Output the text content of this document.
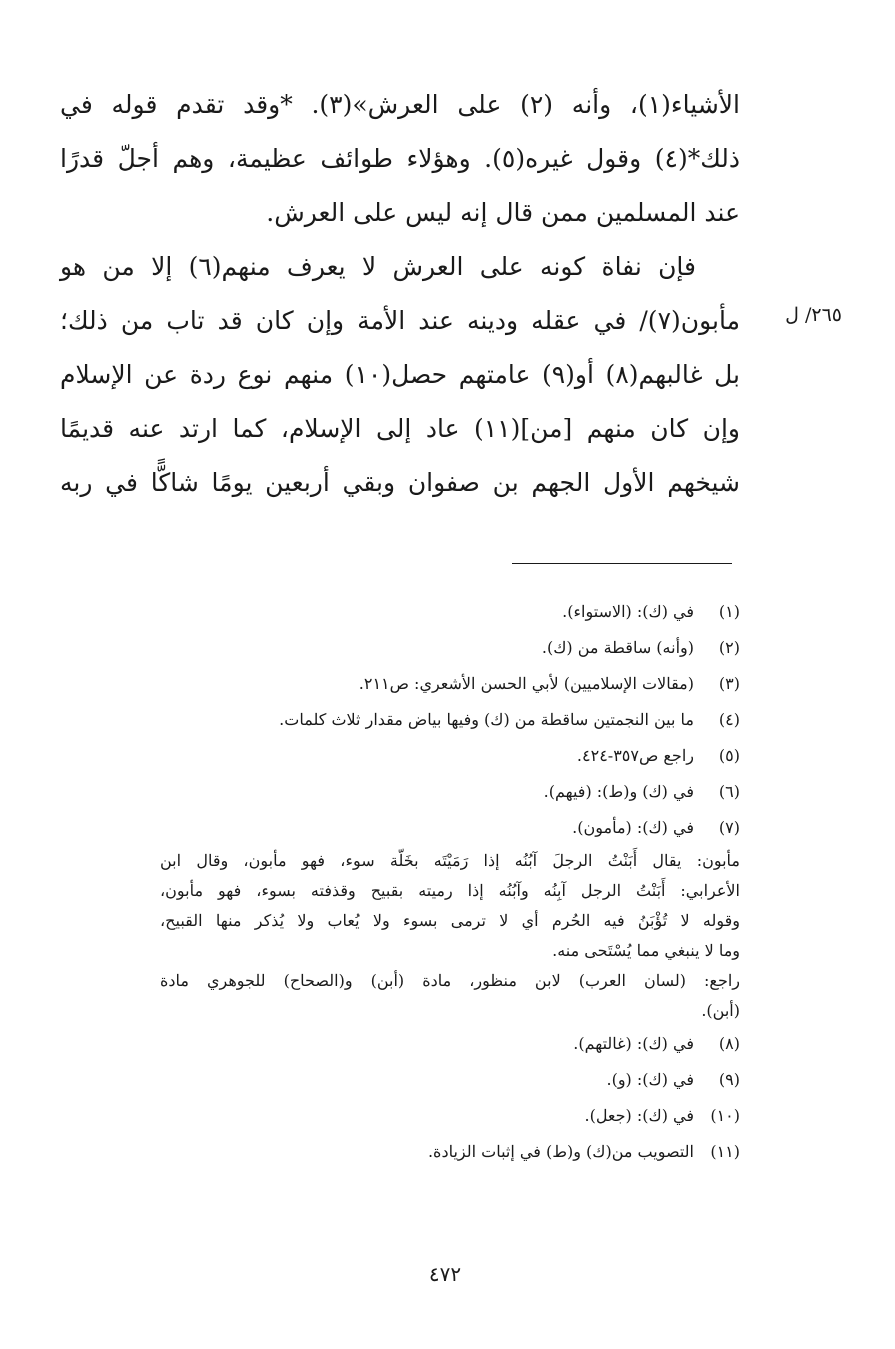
الأشياء(١)، وأنه (٢) على العرش»(٣). *وقد تقدم قوله في
ذلك*(٤) وقول غيره(٥). وهؤلاء طوائف عظيمة، وهم أجلّ قدرًا
عند المسلمين ممن قال إنه ليس على العرش.
فإن نفاة كونه على العرش لا يعرف منهم(٦) إلا من هو
مأبون(٧)/ في عقله ودينه عند الأمة وإن كان قد تاب من ذلك؛
بل غالبهم(٨) أو(٩) عامتهم حصل(١٠) منهم نوع ردة عن الإسلام
وإن كان منهم [من](١١) عاد إلى الإسلام، كما ارتد عنه قديمًا
شيخهم الأول الجهم بن صفوان وبقي أربعين يومًا شاكًّا في ربه
٢٦٥/ ل
(١)
في (ك): (الاستواء).
(٢)
(وأنه) ساقطة من (ك).
(٣)
(مقالات الإسلاميين) لأبي الحسن الأشعري: ص٢١١.
(٤)
ما بين النجمتين ساقطة من (ك) وفيها بياض مقدار ثلاث كلمات.
(٥)
راجع ص٣٥٧-٤٢٤.
(٦)
في (ك) و(ط): (فيهم).
(٧)
في (ك): (مأمون).
مأبون: يقال أَبَنْتُ الرجلَ آبُنُه إذا رَمَيْتَه بخَلّة سوء، فهو مأبون، وقال ابن
الأعرابي: أَبَنْتُ الرجل آبِنُه وآبُنُه إذا رميته بقبيح وقذفته بسوء، فهو مأبون،
وقوله لا تُؤْبَنُ فيه الحُرم أي لا ترمى بسوء ولا يُعاب ولا يُذكر منها القبيح،
وما لا ينبغي مما يُسْتَحى منه.
راجع: (لسان العرب) لابن منظور، مادة (أبن) و(الصحاح) للجوهري مادة
(أبن).
(٨)
في (ك): (غالتهم).
(٩)
في (ك): (و).
(١٠)
في (ك): (جعل).
(١١)
التصويب من(ك) و(ط) في إثبات الزيادة.
٤٧٢
